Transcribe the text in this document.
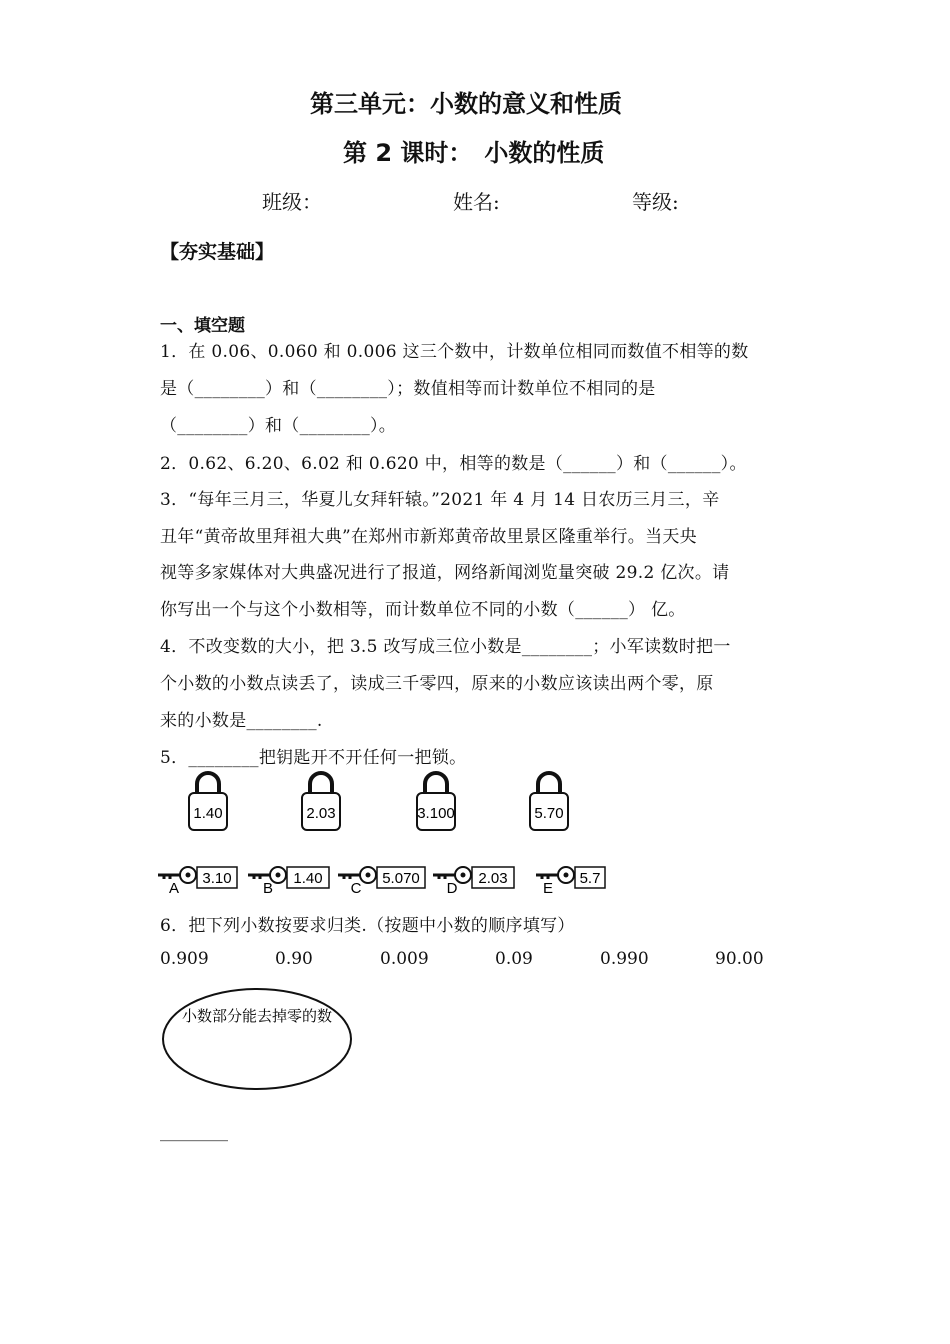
第三单元：小数的意义和性质
第 2 课时：　小数的性质
班级：	姓名:	等级:
【夯实基础】
一、填空题
1．在 0.06、0.060 和 0.006 这三个数中，计数单位相同而数值不相等的数
是（________）和（________）；数值相等而计数单位不相同的是
（________）和（________）。
2．0.62、6.20、6.02 和 0.620 中，相等的数是（______）和（______）。
3．“每年三月三，华夏儿女拜轩辕。”2021 年 4 月 14 日农历三月三，辛
丑年“黄帝故里拜祖大典”在郑州市新郑黄帝故里景区隆重举行。当天央
视等多家媒体对大典盛况进行了报道，网络新闻浏览量突破 29.2 亿次。请
你写出一个与这个小数相等，而计数单位不同的小数（______） 亿。
4．不改变数的大小，把 3.5 改写成三位小数是________；小军读数时把一
个小数的小数点读丢了，读成三千零四，原来的小数应该读出两个零，原
来的小数是________.
5．________把钥匙开不开任何一把锁。
1.40	2.03	3.100	5.70
3.10
A
1.40
B
5.070
C
2.03
D
5.7
E
6．把下列小数按要求归类.（按题中小数的顺序填写）
0.909	0.90	0.009	0.09	0.990	90.00
小数部分能去掉零的数
________
